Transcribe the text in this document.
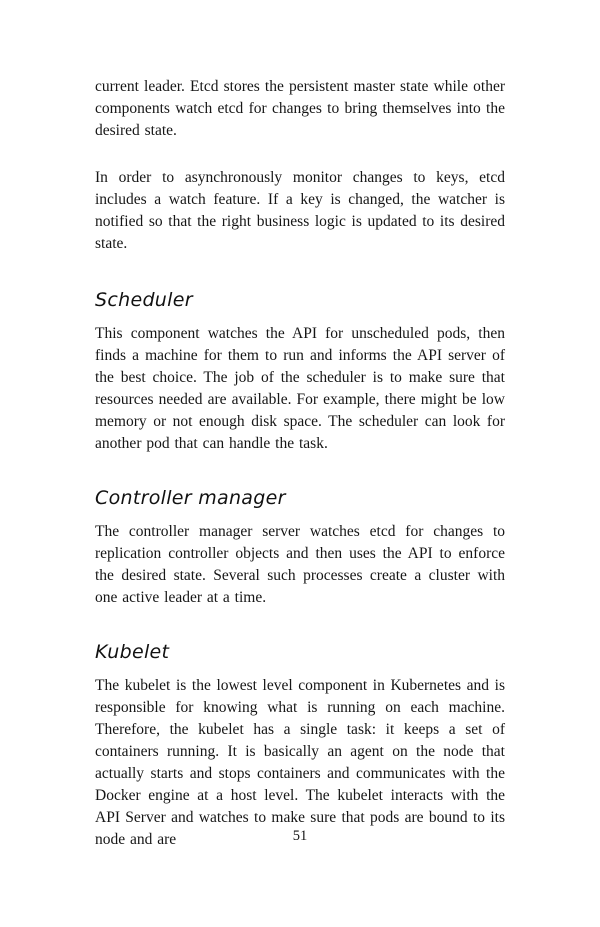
current leader. Etcd stores the persistent master state while other components watch etcd for changes to bring themselves into the desired state.

In order to asynchronously monitor changes to keys, etcd includes a watch feature. If a key is changed, the watcher is notified so that the right business logic is updated to its desired state.

Scheduler

This component watches the API for unscheduled pods, then finds a machine for them to run and informs the API server of the best choice. The job of the scheduler is to make sure that resources needed are available. For example, there might be low memory or not enough disk space. The scheduler can look for another pod that can handle the task.

Controller manager

The controller manager server watches etcd for changes to replication controller objects and then uses the API to enforce the desired state. Several such processes create a cluster with one active leader at a time.

Kubelet

The kubelet is the lowest level component in Kubernetes and is responsible for knowing what is running on each machine. Therefore, the kubelet has a single task: it keeps a set of containers running. It is basically an agent on the node that actually starts and stops containers and communicates with the Docker engine at a host level. The kubelet interacts with the API Server and watches to make sure that pods are bound to its node and are	51
